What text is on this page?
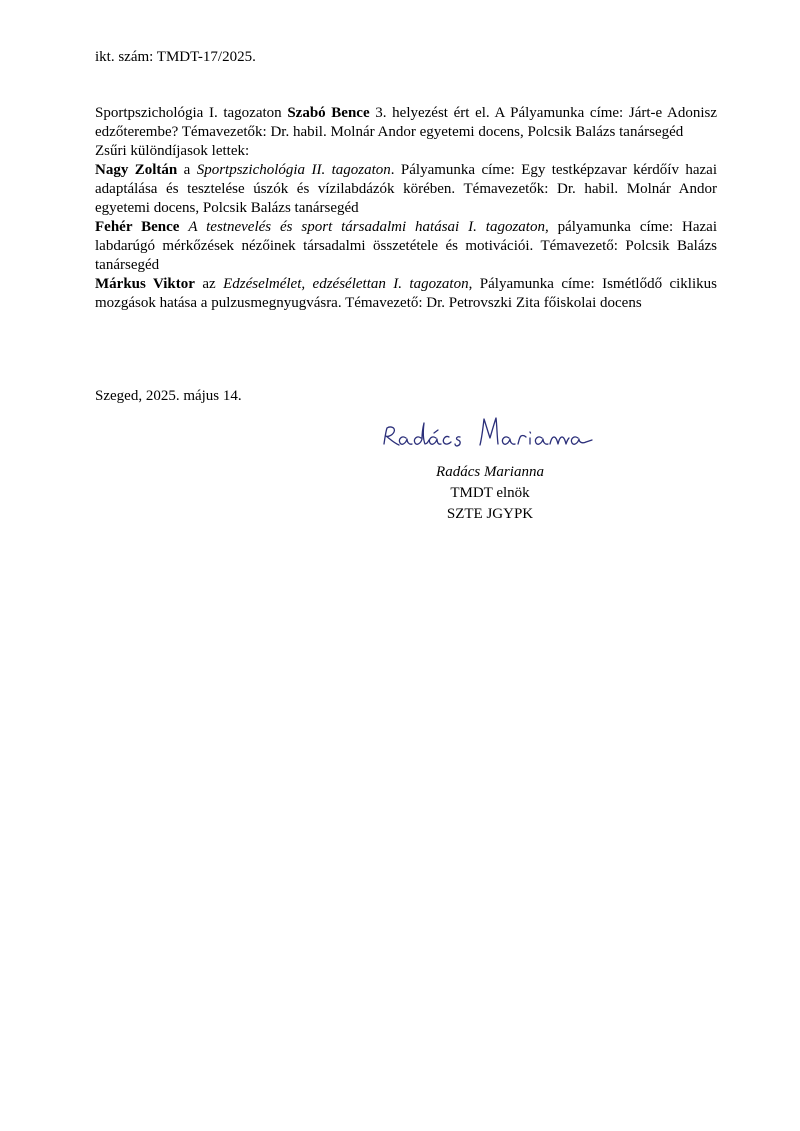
ikt. szám: TMDT-17/2025.

Sportpszichológia I. tagozaton Szabó Bence 3. helyezést ért el. A Pályamunka címe: Járt-e Adonisz edzőterembe? Témavezetők: Dr. habil. Molnár Andor egyetemi docens, Polcsik Balázs tanársegéd

Zsűri különdíjasok lettek:

Nagy Zoltán a Sportpszichológia II. tagozaton. Pályamunka címe: Egy testképzavar kérdőív hazai adaptálása és tesztelése úszók és vízilabdázók körében. Témavezetők: Dr. habil. Molnár Andor egyetemi docens, Polcsik Balázs tanársegéd

Fehér Bence A testnevelés és sport társadalmi hatásai I. tagozaton, pályamunka címe: Hazai labdarúgó mérkőzések nézőinek társadalmi összetétele és motivációi. Témavezető: Polcsik Balázs tanársegéd

Márkus Viktor az Edzéselmélet, edzésélettan I. tagozaton, Pályamunka címe: Ismétlődő ciklikus mozgások hatása a pulzusmegnyugvásra. Témavezető: Dr. Petrovszki Zita főiskolai docens

Szeged, 2025. május 14.
Radács Marianna
TMDT elnök
SZTE JGYPK
